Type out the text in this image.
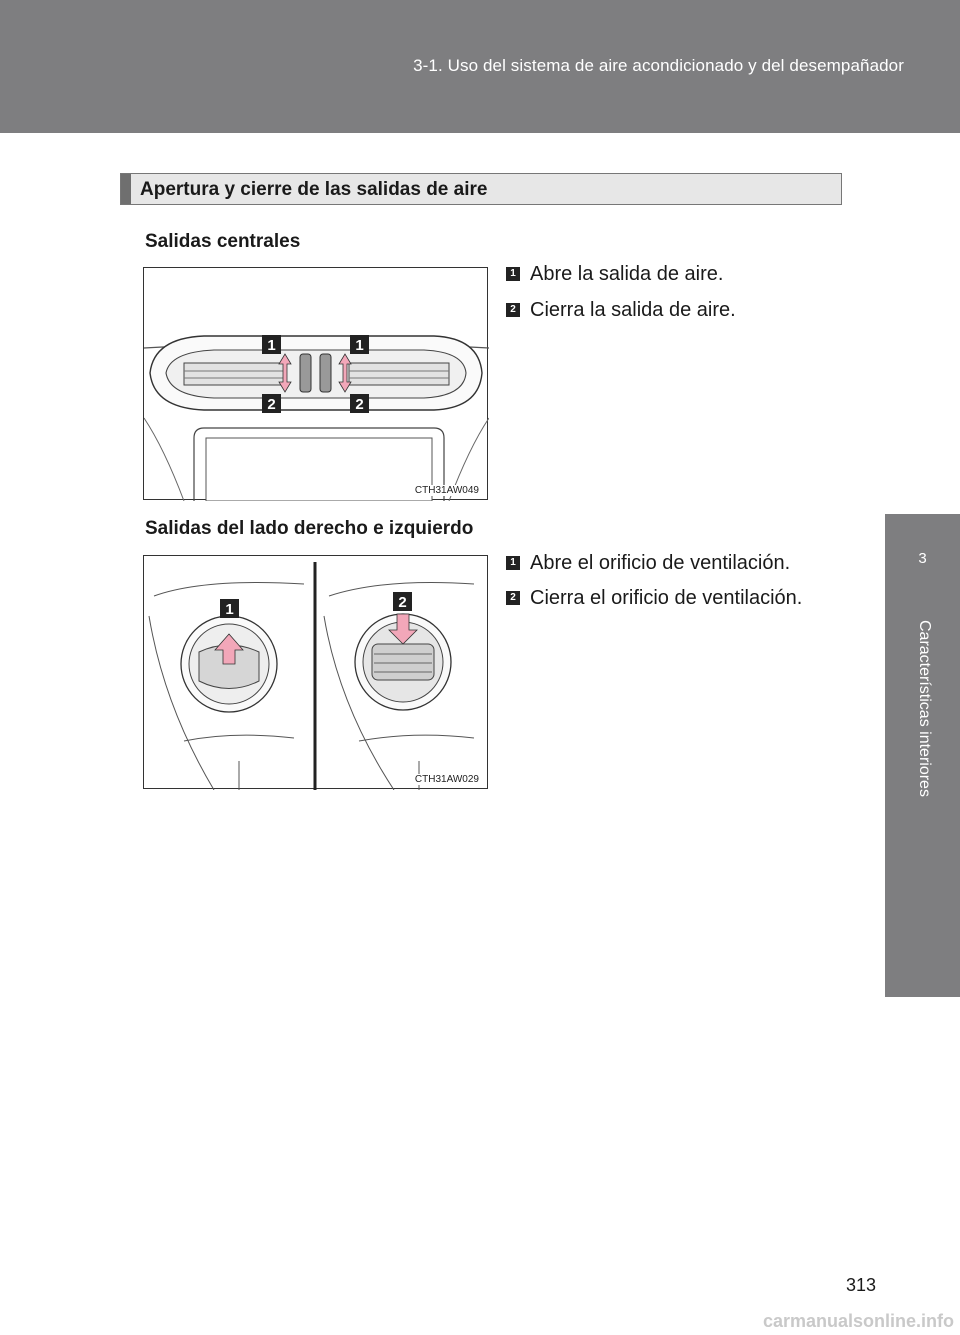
3-1. Uso del sistema de aire acondicionado y del desempañador
3
Características interiores
Apertura y cierre de las salidas de aire
Salidas centrales
1	1
2	2
CTH31AW049
1 Abre la salida de aire.
2 Cierra la salida de aire.
Salidas del lado derecho e izquierdo
1	2
CTH31AW029
1 Abre el orificio de ventilación.
2 Cierra el orificio de ventilación.
313
carmanualsonline.info
